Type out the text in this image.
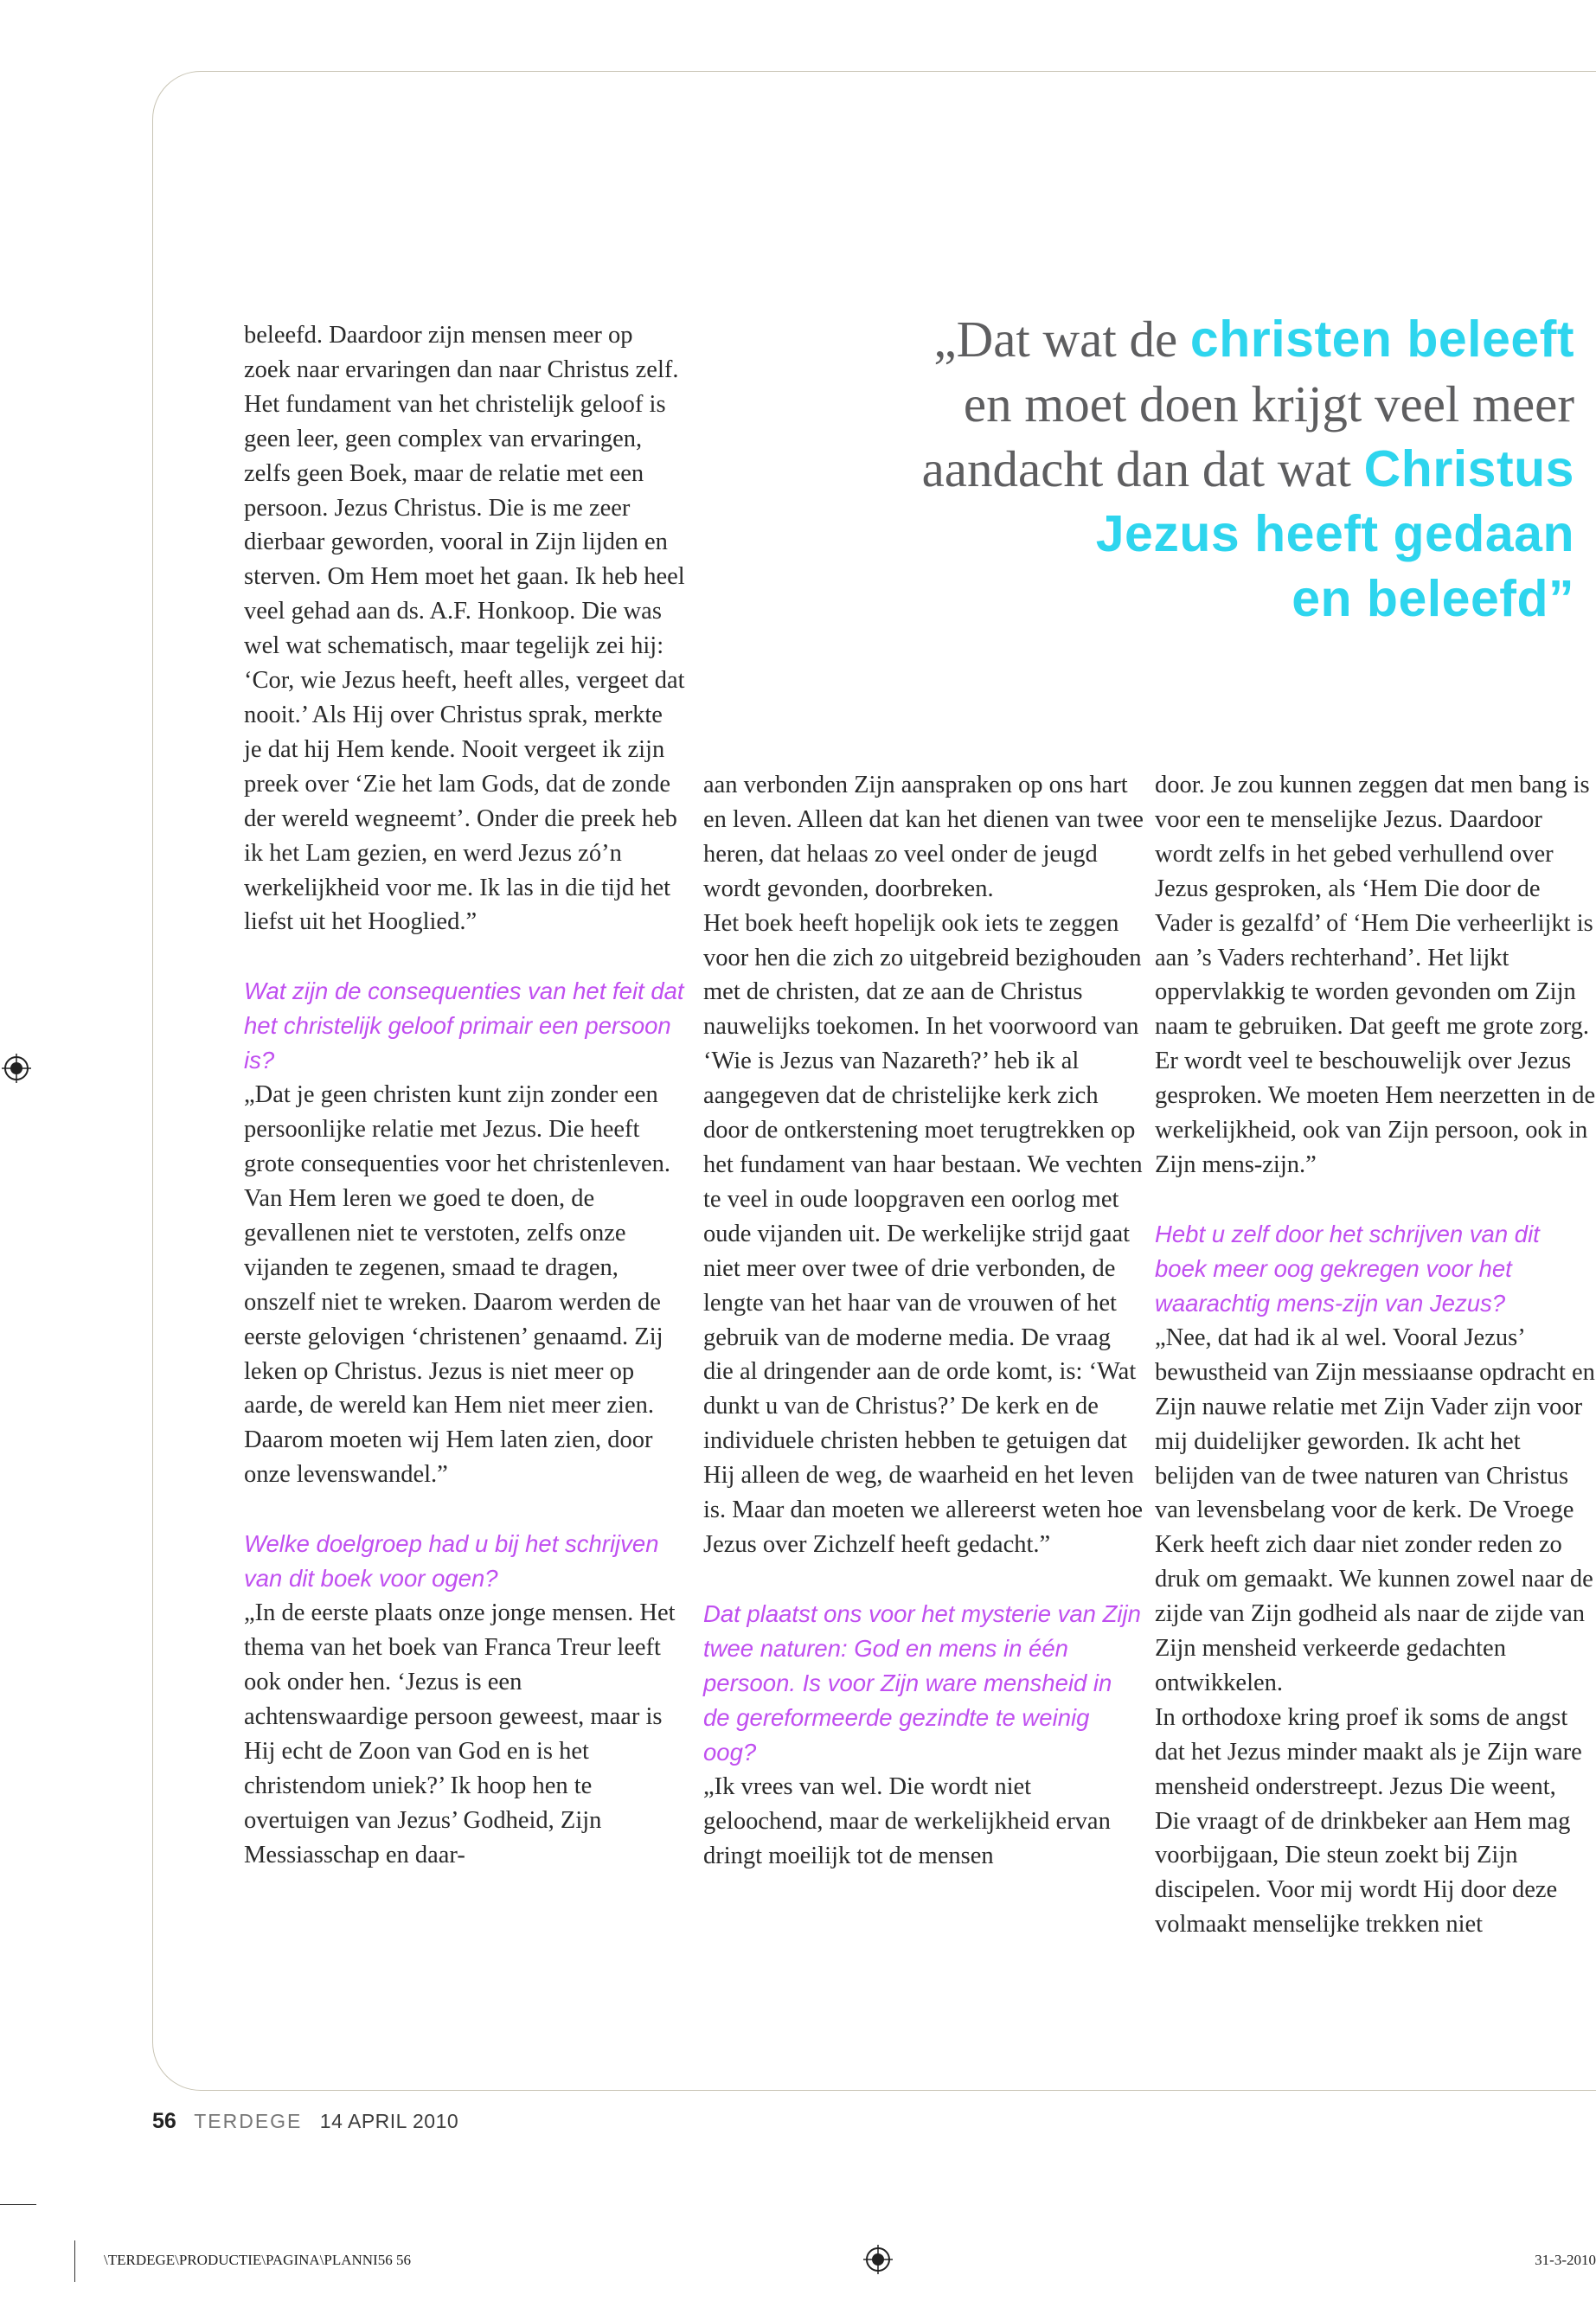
„Dat wat de christen beleeft
en moet doen krijgt veel meer
aandacht dan dat wat Christus
Jezus heeft gedaan
en beleefd”

beleefd. Daardoor zijn mensen meer op zoek naar ervaringen dan naar Christus zelf.

Het fundament van het christelijk geloof is geen leer, geen complex van ervaringen, zelfs geen Boek, maar de relatie met een persoon. Jezus Christus. Die is me zeer dierbaar geworden, vooral in Zijn lijden en sterven. Om Hem moet het gaan. Ik heb heel veel gehad aan ds. A.F. Honkoop. Die was wel wat schematisch, maar tegelijk zei hij: ‘Cor, wie Jezus heeft, heeft alles, vergeet dat nooit.’ Als Hij over Christus sprak, merkte je dat hij Hem kende. Nooit vergeet ik zijn preek over ‘Zie het lam Gods, dat de zonde der wereld wegneemt’. Onder die preek heb ik het Lam gezien, en werd Jezus zó’n werkelijkheid voor me. Ik las in die tijd het liefst uit het Hooglied.”

Wat zijn de consequenties van het feit dat het christelijk geloof primair een persoon is?

„Dat je geen christen kunt zijn zonder een persoonlijke relatie met Jezus. Die heeft grote consequenties voor het christenleven. Van Hem leren we goed te doen, de gevallenen niet te verstoten, zelfs onze vijanden te zegenen, smaad te dragen, onszelf niet te wreken. Daarom werden de eerste gelovigen ‘christenen’ genaamd. Zij leken op Christus. Jezus is niet meer op aarde, de wereld kan Hem niet meer zien. Daarom moeten wij Hem laten zien, door onze levenswandel.”

Welke doelgroep had u bij het schrijven van dit boek voor ogen?

„In de eerste plaats onze jonge mensen. Het thema van het boek van Franca Treur leeft ook onder hen. ‘Jezus is een achtenswaardige persoon geweest, maar is Hij echt de Zoon van God en is het christendom uniek?’ Ik hoop hen te overtuigen van Jezus’ Godheid, Zijn Messiasschap en daar-

aan verbonden Zijn aanspraken op ons hart en leven. Alleen dat kan het dienen van twee heren, dat helaas zo veel onder de jeugd wordt gevonden, doorbreken.

Het boek heeft hopelijk ook iets te zeggen voor hen die zich zo uitgebreid bezighouden met de christen, dat ze aan de Christus nauwelijks toekomen. In het voorwoord van ‘Wie is Jezus van Nazareth?’ heb ik al aangegeven dat de christelijke kerk zich door de ontkerstening moet terugtrekken op het fundament van haar bestaan. We vechten te veel in oude loopgraven een oorlog met oude vijanden uit. De werkelijke strijd gaat niet meer over twee of drie verbonden, de lengte van het haar van de vrouwen of het gebruik van de moderne media. De vraag die al dringender aan de orde komt, is: ‘Wat dunkt u van de Christus?’ De kerk en de individuele christen hebben te getuigen dat Hij alleen de weg, de waarheid en het leven is. Maar dan moeten we allereerst weten hoe Jezus over Zichzelf heeft gedacht.”

Dat plaatst ons voor het mysterie van Zijn twee naturen: God en mens in één persoon. Is voor Zijn ware mensheid in de gereformeerde gezindte te weinig oog?

„Ik vrees van wel. Die wordt niet geloochend, maar de werkelijkheid ervan dringt moeilijk tot de mensen

door. Je zou kunnen zeggen dat men bang is voor een te menselijke Jezus. Daardoor wordt zelfs in het gebed verhullend over Jezus gesproken, als ‘Hem Die door de Vader is gezalfd’ of ‘Hem Die verheerlijkt is aan ’s Vaders rechterhand’. Het lijkt oppervlakkig te worden gevonden om Zijn naam te gebruiken. Dat geeft me grote zorg. Er wordt veel te beschouwelijk over Jezus gesproken. We moeten Hem neerzetten in de werkelijkheid, ook van Zijn persoon, ook in Zijn mens-zijn.”

Hebt u zelf door het schrijven van dit boek meer oog gekregen voor het waarachtig mens-zijn van Jezus?

„Nee, dat had ik al wel. Vooral Jezus’ bewustheid van Zijn messiaanse opdracht en Zijn nauwe relatie met Zijn Vader zijn voor mij duidelijker geworden. Ik acht het belijden van de twee naturen van Christus van levensbelang voor de kerk. De Vroege Kerk heeft zich daar niet zonder reden zo druk om gemaakt. We kunnen zowel naar de zijde van Zijn godheid als naar de zijde van Zijn mensheid verkeerde gedachten ontwikkelen.

In orthodoxe kring proef ik soms de angst dat het Jezus minder maakt als je Zijn ware mensheid onderstreept. Jezus Die weent, Die vraagt of de drinkbeker aan Hem mag voorbijgaan, Die steun zoekt bij Zijn discipelen. Voor mij wordt Hij door deze volmaakt menselijke trekken niet

56 TERDEGE 14 APRIL 2010
\TERDEGE\PRODUCTIE\PAGINA\PLANNI56 56	31-3-2010
